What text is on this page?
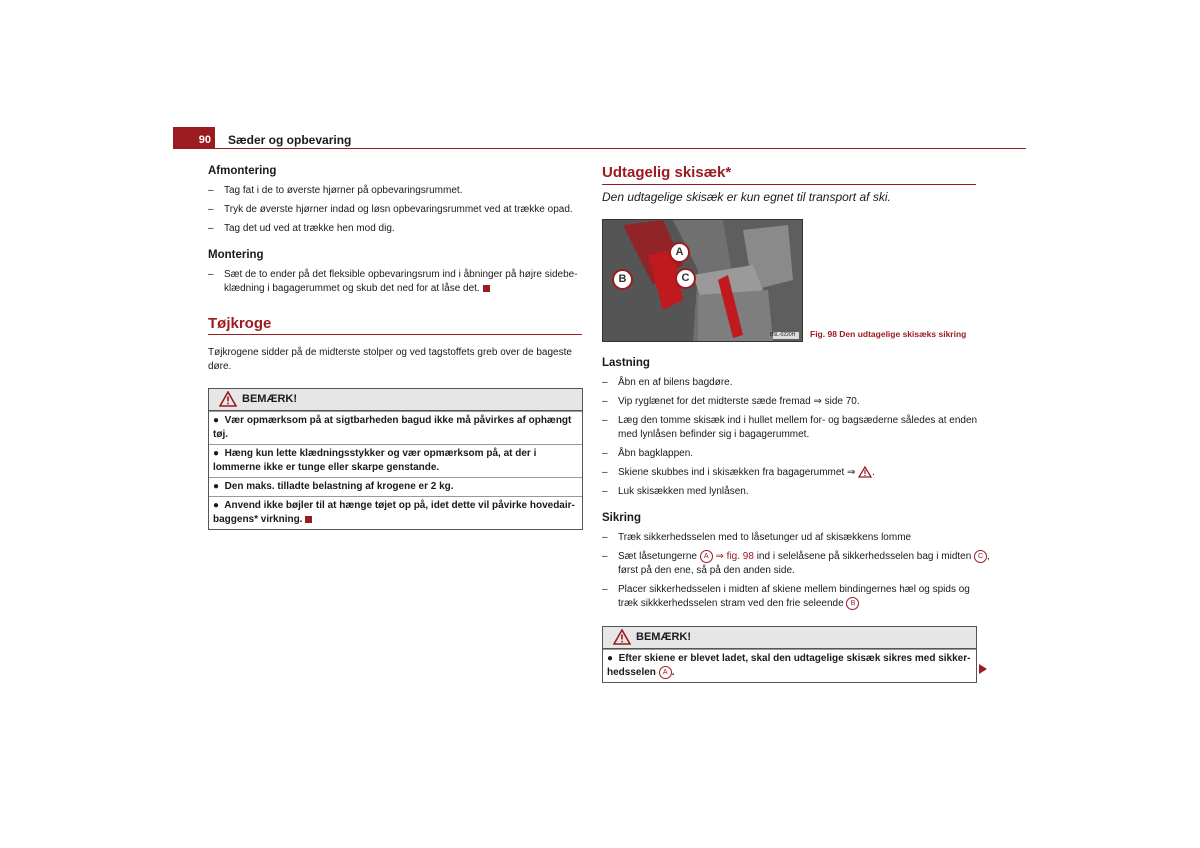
90	Sæder og opbevaring
Afmontering
– Tag fat i de to øverste hjørner på opbevaringsrummet.
– Tryk de øverste hjørner indad og løsn opbevaringsrummet ved at trække opad.
– Tag det ud ved at trække hen mod dig.
Montering
– Sæt de to ender på det fleksible opbevaringsrum ind i åbninger på højre sidebe-
klædning i bagagerummet og skub det ned for at låse det.
Tøjkroge
Tøjkrogene sidder på de midterste stolper og ved tagstoffets greb over de bageste
døre.
BEMÆRK!
●  Vær opmærksom på at sigtbarheden bagud ikke må påvirkes af ophængt
tøj.
●  Hæng kun lette klædningsstykker og vær opmærksom på, at der i
lommerne ikke er tunge eller skarpe genstande.
●  Den maks. tilladte belastning af krogene er 2 kg.
●  Anvend ikke bøjler til at hænge tøjet op på, idet dette vil påvirke hovedair-
baggens* virkning.
Udtagelig skisæk*
Den udtagelige skisæk er kun egnet til transport af ski.
B5L-0220H
A
B	C
Fig. 98 Den udtagelige skisæks sikring
Lastning
– Åbn en af bilens bagdøre.
– Vip ryglænet for det midterste sæde fremad ⇒ side 70.
– Læg den tomme skisæk ind i hullet mellem for- og bagsæderne således at enden
med lynlåsen befinder sig i bagagerummet.
– Åbn bagklappen.
– Skiene skubbes ind i skisækken fra bagagerummet ⇒ .
– Luk skisækken med lynlåsen.
Sikring
– Træk sikkerhedsselen med to låsetunger ud af skisækkens lomme
– Sæt låsetungerne A ⇒ fig. 98 ind i selelåsene på sikkerhedsselen bag i midten C ,
først på den ene, så på den anden side.
– Placer sikkerhedsselen i midten af skiene mellem bindingernes hæl og spids og
træk sikkkerhedsselen stram ved den frie seleende B
BEMÆRK!
●  Efter skiene er blevet ladet, skal den udtagelige skisæk sikres med sikker-
hedsselen A .
